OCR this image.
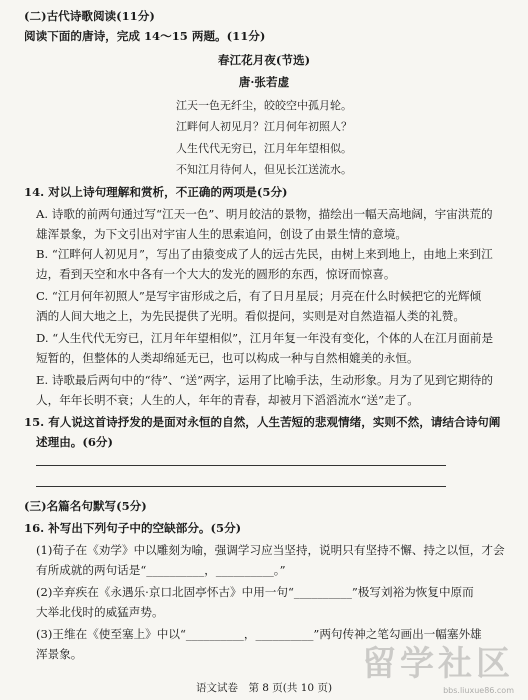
(二)古代诗歌阅读(11分)
阅读下面的唐诗，完成 14～15 两题。(11分)
春江花月夜(节选)
唐·张若虚
江天一色无纤尘，皎皎空中孤月轮。
江畔何人初见月？江月何年初照人？
人生代代无穷已，江月年年望相似。
不知江月待何人，但见长江送流水。
14. 对以上诗句理解和赏析，不正确的两项是(5分)
A. 诗歌的前两句通过写“江天一色”、明月皎洁的景物，描绘出一幅天高地阔，宇宙洪荒的
雄浑景象，为下文引出对宇宙人生的思索追问，创设了由景生情的意境。
B. “江畔何人初见月”，写出了由猿变成了人的远古先民，由树上来到地上，由地上来到江
边，看到天空和水中各有一个大大的发光的圆形的东西，惊讶而惊喜。
C. “江月何年初照人”是写宇宙形成之后，有了日月星辰；月亮在什么时候把它的光辉倾
洒的人间大地之上，为先民提供了光明。看似提问，实则是对自然造福人类的礼赞。
D. “人生代代无穷已，江月年年望相似”，江月年复一年没有变化，个体的人在江月面前是
短暂的，但整体的人类却绵延无已，也可以构成一种与自然相媲美的永恒。
E. 诗歌最后两句中的“待”、“送”两字，运用了比喻手法，生动形象。月为了见到它期待的
人，年年长明不衰；人生的人，年年的青春，却被月下滔滔流水“送”走了。
15. 有人说这首诗抒发的是面对永恒的自然，人生苦短的悲观情绪，实则不然，请结合诗句阐
述理由。(6分)
(三)名篇名句默写(5分)
16. 补写出下列句子中的空缺部分。(5分)
(1)荀子在《劝学》中以雕刻为喻，强调学习应当坚持，说明只有坚持不懈、持之以恒，才会
有所成就的两句话是“__________，__________。”
(2)辛弃疾在《永遇乐·京口北固亭怀古》中用一句“__________”极写刘裕为恢复中原而
大举北伐时的威猛声势。
(3)王维在《使至塞上》中以“__________，__________”两句传神之笔勾画出一幅塞外雄
浑景象。
语文试卷　第 8 页(共 10 页)
留学社区
bbs.liuxue86.com
